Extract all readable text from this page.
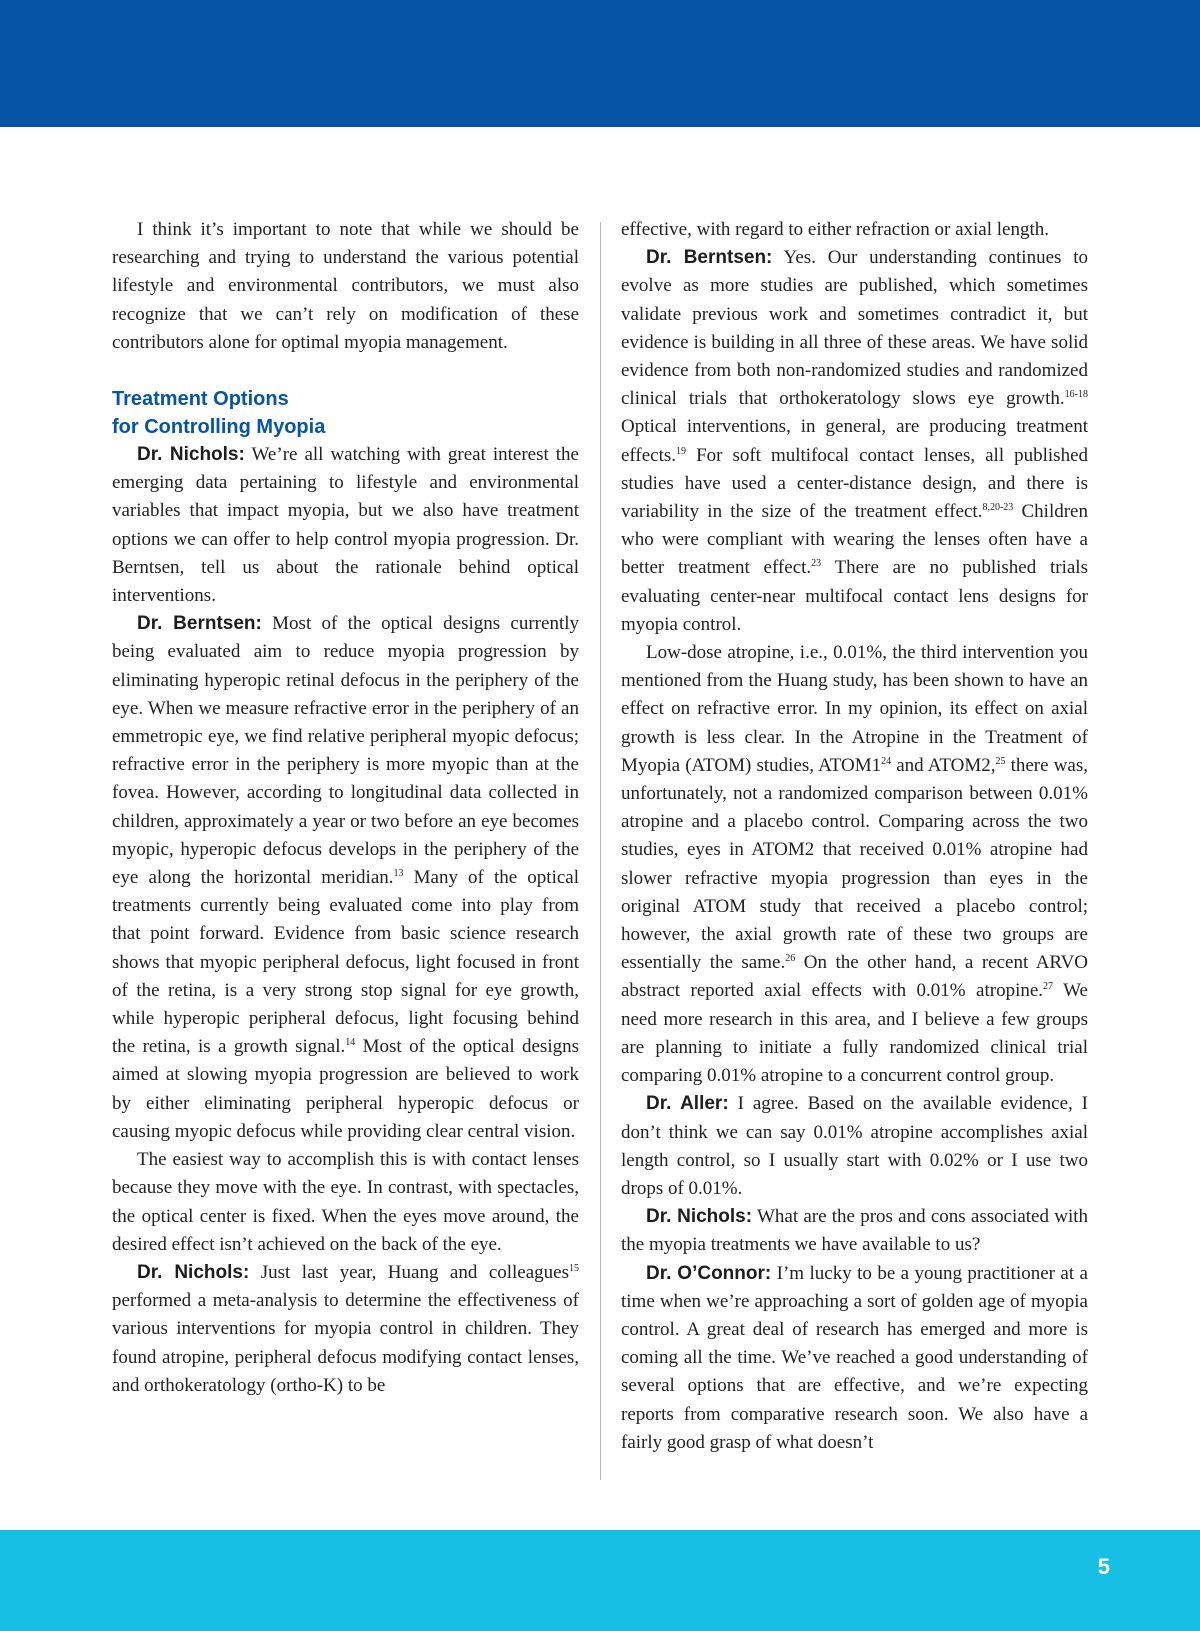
I think it’s important to note that while we should be researching and trying to understand the various potential lifestyle and environmental contributors, we must also recognize that we can’t rely on modification of these contributors alone for optimal myopia management.

Treatment Options
for Controlling Myopia

Dr. Nichols: We’re all watching with great interest the emerging data pertaining to lifestyle and environmental variables that impact myopia, but we also have treatment options we can offer to help control myopia progression. Dr. Berntsen, tell us about the rationale behind optical interventions.

Dr. Berntsen: Most of the optical designs currently being evaluated aim to reduce myopia progression by eliminating hyperopic retinal defocus in the periphery of the eye. When we measure refractive error in the periphery of an emmetropic eye, we find relative peripheral myopic defocus; refractive error in the periphery is more myopic than at the fovea. However, according to longitudinal data collected in children, approximately a year or two before an eye becomes myopic, hyperopic defocus develops in the periphery of the eye along the horizontal meridian.$^{13}$ Many of the optical treatments currently being evaluated come into play from that point forward. Evidence from basic science research shows that myopic peripheral defocus, light focused in front of the retina, is a very strong stop signal for eye growth, while hyperopic peripheral defocus, light focusing behind the retina, is a growth signal.$^{14}$ Most of the optical designs aimed at slowing myopia progression are believed to work by either eliminating peripheral hyperopic defocus or causing myopic defocus while providing clear central vision.

The easiest way to accomplish this is with contact lenses because they move with the eye. In contrast, with spectacles, the optical center is fixed. When the eyes move around, the desired effect isn’t achieved on the back of the eye.

Dr. Nichols: Just last year, Huang and colleagues$^{15}$ performed a meta-analysis to determine the effectiveness of various interventions for myopia control in children. They found atropine, peripheral defocus modifying contact lenses, and orthokeratology (ortho-K) to be

effective, with regard to either refraction or axial length.

Dr. Berntsen: Yes. Our understanding continues to evolve as more studies are published, which sometimes validate previous work and sometimes contradict it, but evidence is building in all three of these areas. We have solid evidence from both non-randomized studies and randomized clinical trials that orthokeratology slows eye growth.$^{16-18}$ Optical interventions, in general, are producing treatment effects.$^{19}$ For soft multifocal contact lenses, all published studies have used a center-distance design, and there is variability in the size of the treatment effect.$^{8,20-23}$ Children who were compliant with wearing the lenses often have a better treatment effect.$^{23}$ There are no published trials evaluating center-near multifocal contact lens designs for myopia control.

Low-dose atropine, i.e., 0.01%, the third intervention you mentioned from the Huang study, has been shown to have an effect on refractive error. In my opinion, its effect on axial growth is less clear. In the Atropine in the Treatment of Myopia (ATOM) studies, $ATOM1^{24}$ and ATOM2,25 there was, unfortunately, not a randomized comparison between 0.01% atropine and a placebo control. Comparing across the two studies, eyes in ATOM2 that received 0.01% atropine had slower refractive myopia progression than eyes in the original ATOM study that received a placebo control; however, the axial growth rate of these two groups are essentially the same.$^{26}$ On the other hand, a recent ARVO abstract reported axial effects with 0.01% atropine.$^{27}$ We need more research in this area, and I believe a few groups are planning to initiate a fully randomized clinical trial comparing 0.01% atropine to a concurrent control group.

Dr. Aller: I agree. Based on the available evidence, I don’t think we can say 0.01% atropine accomplishes axial length control, so I usually start with 0.02% or I use two drops of 0.01%.

Dr. Nichols: What are the pros and cons associated with the myopia treatments we have available to us?

Dr. O’Connor: I’m lucky to be a young practitioner at a time when we’re approaching a sort of golden age of myopia control. A great deal of research has emerged and more is coming all the time. We’ve reached a good understanding of several options that are effective, and we’re expecting reports from comparative research soon. We also have a fairly good grasp of what doesn’t

5
